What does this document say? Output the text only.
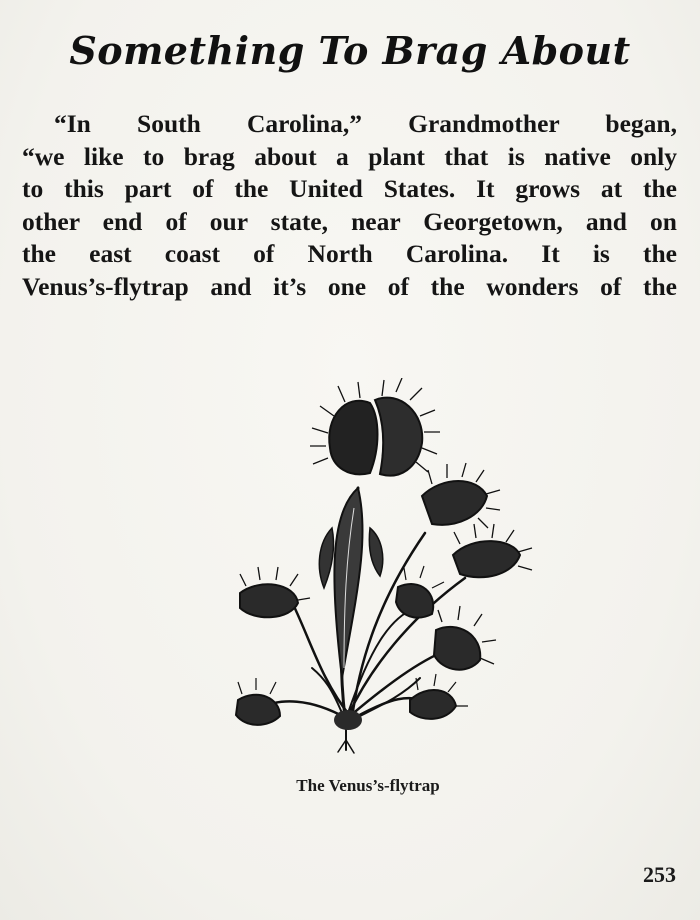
Something To Brag About
“In South Carolina,” Grandmother began,
“we like to brag about a plant that is native only
to this part of the United States. It grows at the
other end of our state, near Georgetown, and on
the east coast of North Carolina. It is the
Venus’s-flytrap and it’s one of the wonders of the
The Venus’s-flytrap
253
